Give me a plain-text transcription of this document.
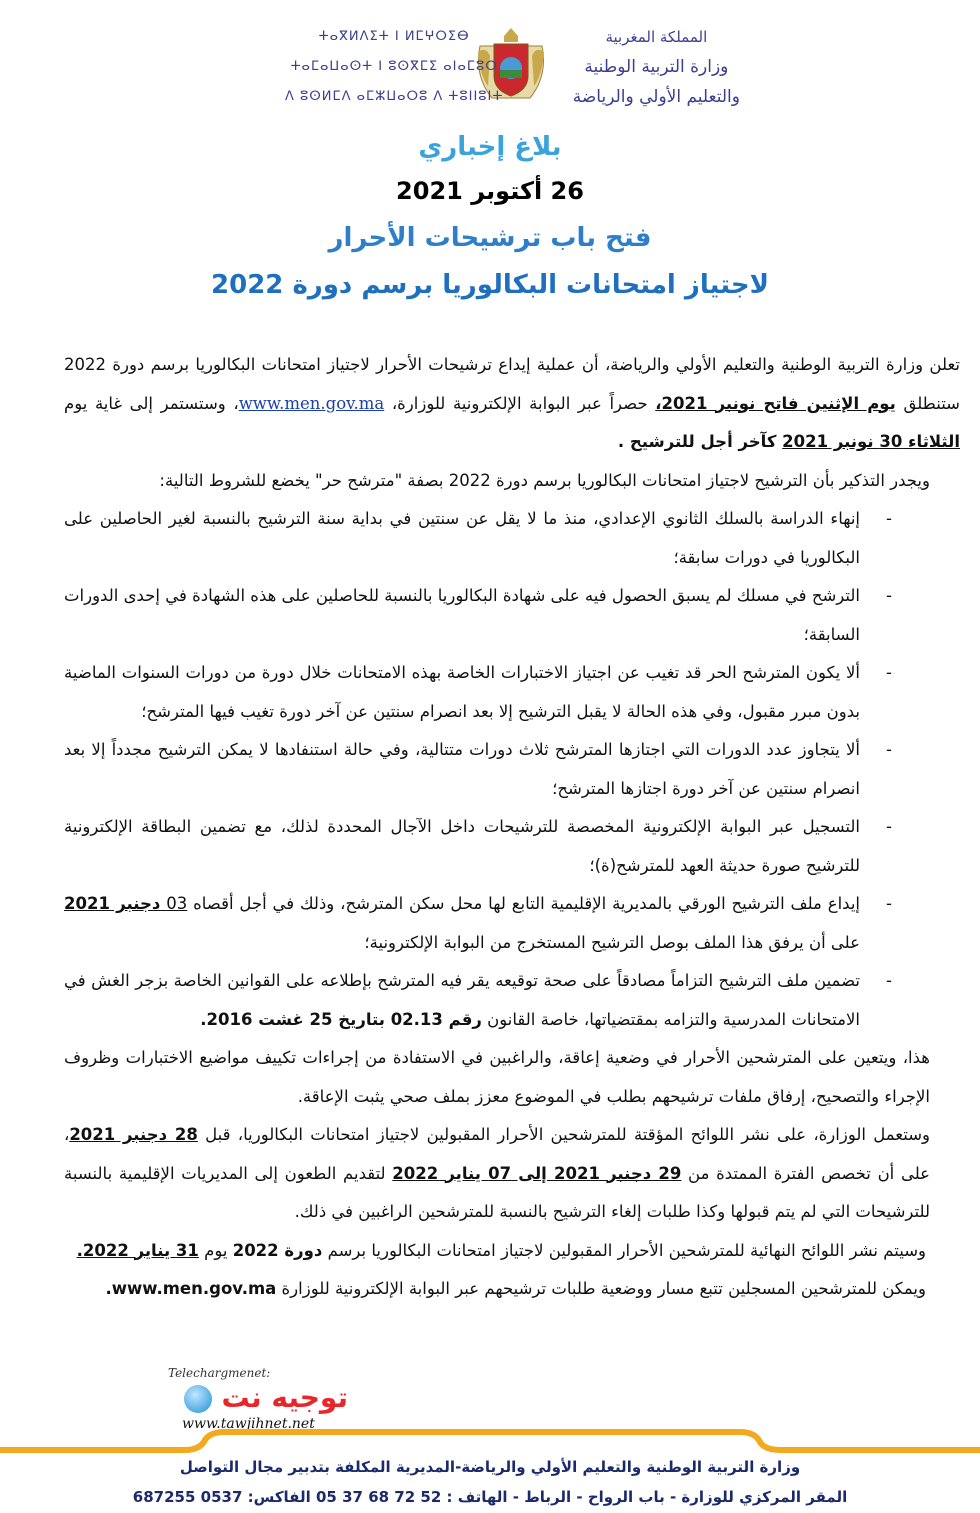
المملكة المغربية
وزارة التربية الوطنية
والتعليم الأولي والرياضة
ⵜⴰⴳⵍⴷⵉⵜ ⵏ ⵍⵎⵖⵔⵉⴱ
ⵜⴰⵎⴰⵡⴰⵙⵜ ⵏ ⵓⵙⴳⵎⵉ ⴰⵏⴰⵎⵓⵔ
ⴷ ⵓⵙⵍⵎⴷ ⴰⵎⵣⵡⴰⵔⵓ ⴷ ⵜⵓⵏⵏⵓⵏⵜ
بلاغ إخباري
26 أكتوبر 2021
فتح باب ترشيحات الأحرار
لاجتياز امتحانات البكالوريا برسم دورة 2022

تعلن وزارة التربية الوطنية والتعليم الأولي والرياضة، أن عملية إيداع ترشيحات الأحرار لاجتياز امتحانات البكالوريا برسم دورة 2022 ستنطلق يوم الإثنين فاتح نونبر 2021، حصراً عبر البوابة الإلكترونية للوزارة، www.men.gov.ma، وستستمر إلى غاية يوم الثلاثاء 30 نونبر 2021 كآخر أجل للترشيح .

ويجدر التذكير بأن الترشيح لاجتياز امتحانات البكالوريا برسم دورة 2022 بصفة "مترشح حر" يخضع للشروط التالية:

-
إنهاء الدراسة بالسلك الثانوي الإعدادي، منذ ما لا يقل عن سنتين في بداية سنة الترشيح بالنسبة لغير الحاصلين على البكالوريا في دورات سابقة؛
-
الترشح في مسلك لم يسبق الحصول فيه على شهادة البكالوريا بالنسبة للحاصلين على هذه الشهادة في إحدى الدورات السابقة؛
-
ألا يكون المترشح الحر قد تغيب عن اجتياز الاختبارات الخاصة بهذه الامتحانات خلال دورة من دورات السنوات الماضية بدون مبرر مقبول، وفي هذه الحالة لا يقبل الترشيح إلا بعد انصرام سنتين عن آخر دورة تغيب فيها المترشح؛
-
ألا يتجاوز عدد الدورات التي اجتازها المترشح ثلاث دورات متتالية، وفي حالة استنفادها لا يمكن الترشيح مجدداً إلا بعد انصرام سنتين عن آخر دورة اجتازها المترشح؛
-
التسجيل عبر البوابة الإلكترونية المخصصة للترشيحات داخل الآجال المحددة لذلك، مع تضمين البطاقة الإلكترونية للترشيح صورة حديثة العهد للمترشح(ة)؛
-
إيداع ملف الترشيح الورقي بالمديرية الإقليمية التابع لها محل سكن المترشح، وذلك في أجل أقصاه 03 دجنبر 2021 على أن يرفق هذا الملف بوصل الترشيح المستخرج من البوابة الإلكترونية؛
-
تضمين ملف الترشيح التزاماً مصادقاً على صحة توقيعه يقر فيه المترشح بإطلاعه على القوانين الخاصة بزجر الغش في الامتحانات المدرسية والتزامه بمقتضياتها، خاصة القانون رقم 02.13 بتاريخ 25 غشت 2016.

هذا، ويتعين على المترشحين الأحرار في وضعية إعاقة، والراغبين في الاستفادة من إجراءات تكييف مواضيع الاختبارات وظروف الإجراء والتصحيح، إرفاق ملفات ترشيحهم بطلب في الموضوع معزز بملف صحي يثبت الإعاقة.

وستعمل الوزارة، على نشر اللوائح المؤقتة للمترشحين الأحرار المقبولين لاجتياز امتحانات البكالوريا، قبل 28 دجنبر 2021، على أن تخصص الفترة الممتدة من 29 دجنبر 2021 إلى 07 يناير 2022 لتقديم الطعون إلى المديريات الإقليمية بالنسبة للترشيحات التي لم يتم قبولها وكذا طلبات إلغاء الترشيح بالنسبة للمترشحين الراغبين في ذلك.

وسيتم نشر اللوائح النهائية للمترشحين الأحرار المقبولين لاجتياز امتحانات البكالوريا برسم دورة 2022 يوم 31 يناير 2022.

ويمكن للمترشحين المسجلين تتبع مسار ووضعية طلبات ترشيحهم عبر البوابة الإلكترونية للوزارة www.men.gov.ma.

Telechargmenet:
توجيه نت
www.tawjihnet.net
وزارة التربية الوطنية والتعليم الأولي والرياضة-المديرية المكلفة بتدبير مجال التواصل
المقر المركزي للوزارة - باب الرواح - الرباط - الهاتف : 52 72 68 37 05 الفاكس: 0537 687255
